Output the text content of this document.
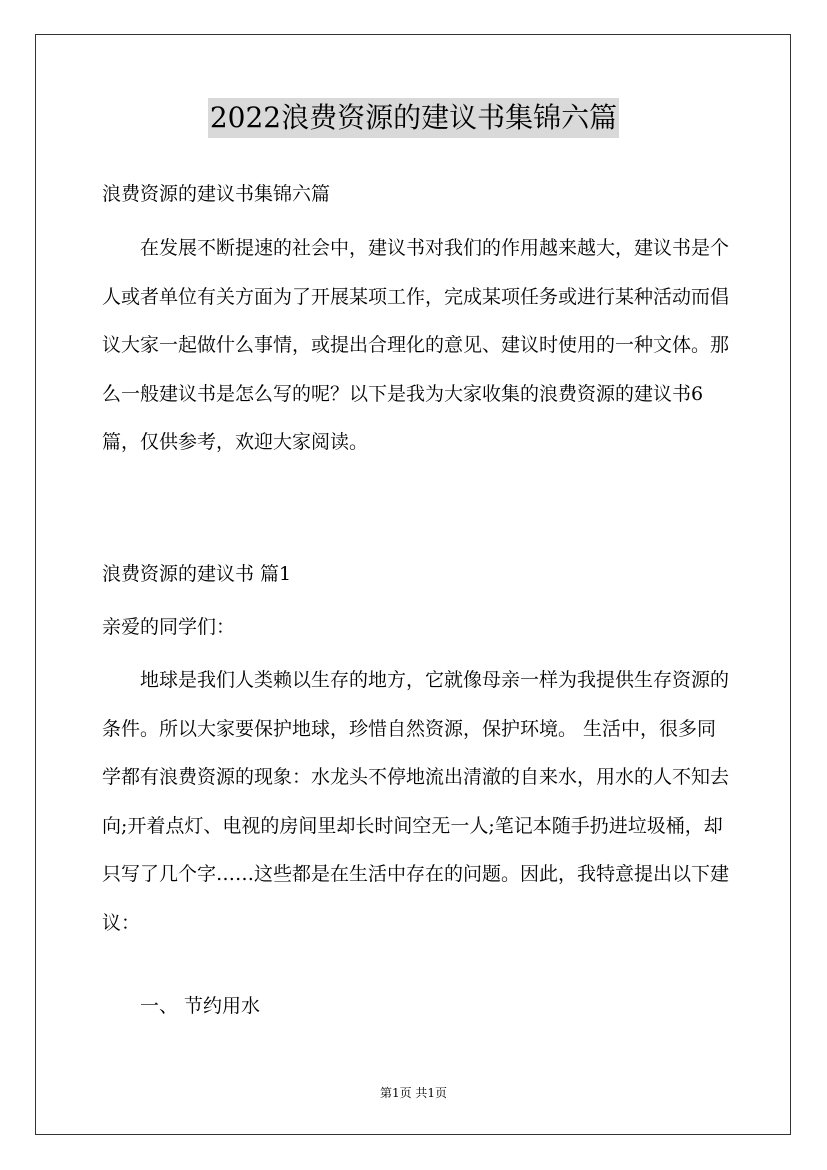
2022浪费资源的建议书集锦六篇

浪费资源的建议书集锦六篇

在发展不断提速的社会中，建议书对我们的作用越来越大，建议书是个人或者单位有关方面为了开展某项工作，完成某项任务或进行某种活动而倡议大家一起做什么事情，或提出合理化的意见、建议时使用的一种文体。那么一般建议书是怎么写的呢？以下是我为大家收集的浪费资源的建议书6篇，仅供参考，欢迎大家阅读。

浪费资源的建议书 篇1

亲爱的同学们：

地球是我们人类赖以生存的地方，它就像母亲一样为我提供生存资源的条件。所以大家要保护地球，珍惜自然资源，保护环境。 生活中，很多同学都有浪费资源的现象：水龙头不停地流出清澈的自来水，用水的人不知去向;开着点灯、电视的房间里却长时间空无一人;笔记本随手扔进垃圾桶，却只写了几个字……这些都是在生活中存在的问题。因此，我特意提出以下建议：

一、 节约用水

第1页 共1页
